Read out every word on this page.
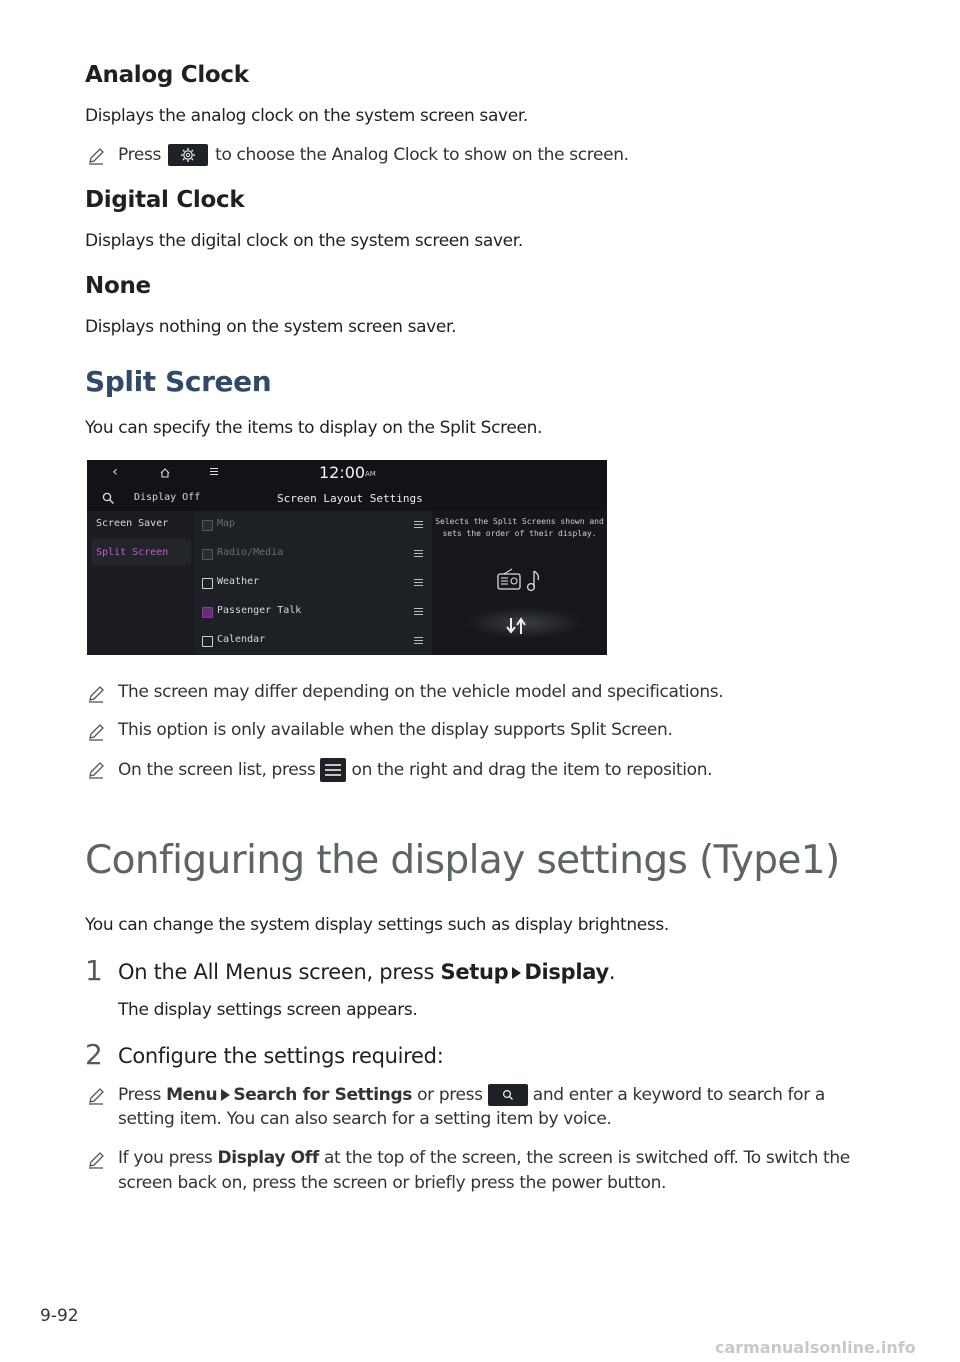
Analog Clock
Displays the analog clock on the system screen saver.
Press	to choose the Analog Clock to show on the screen.
Digital Clock
Displays the digital clock on the system screen saver.
None
Displays nothing on the system screen saver.
Split Screen
You can specify the items to display on the Split Screen.
‹	12:00 AM
Display Off	Screen Layout Settings
Screen Saver
Split Screen
Map
Radio/Media
Weather
Passenger Talk
Calendar
Selects the Split Screens shown and
sets the order of their display.
The screen may differ depending on the vehicle model and specifications.
This option is only available when the display supports Split Screen.
On the screen list, press on the right and drag the item to reposition.
Configuring the display settings (Type1)
You can change the system display settings such as display brightness.
1 On the All Menus screen, press Setup Display.
The display settings screen appears.
2 Configure the settings required:
Press Menu Search for Settings or press	and enter a keyword to search for a
setting item. You can also search for a setting item by voice.
If you press Display Off at the top of the screen, the screen is switched off. To switch the
screen back on, press the screen or briefly press the power button.
9-92
carmanualsonline.info
